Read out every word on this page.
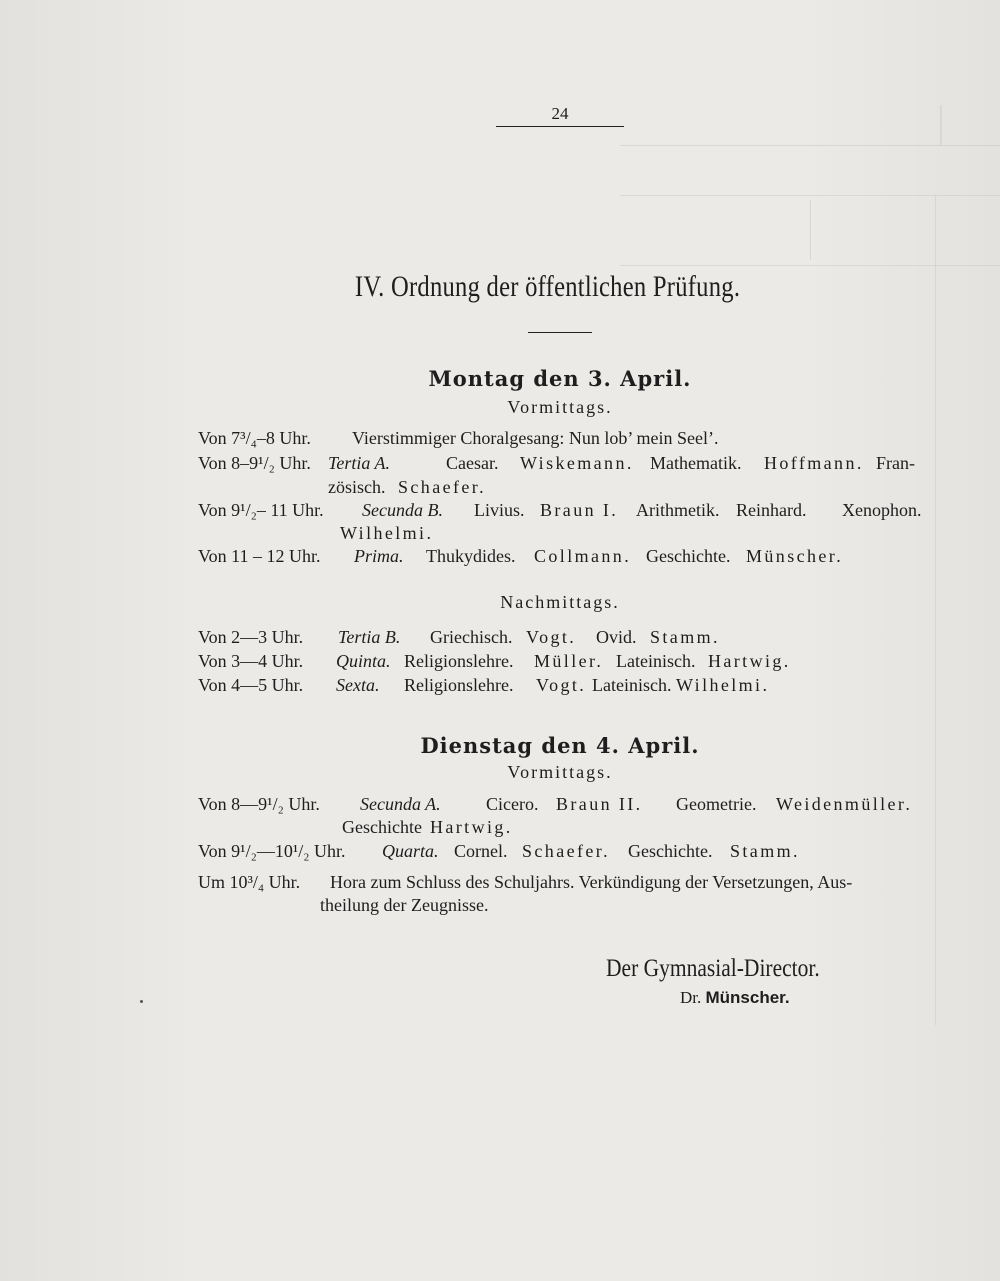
24
IV. Ordnung der öffentlichen Prüfung.
Montag den 3. April.
Vormittags.
Von 7³/₄–8 Uhr. Vierstimmiger Choralgesang: Nun lob’ mein Seel’.
Von 8–9¹/₂ Uhr. Tertia A.	Caesar. Wiskemann. Mathematik. Hoffmann. Fran-
zösisch. Schaefer.
Von 9¹/₂– 11 Uhr. Secunda B. Livius. Braun I. Arithmetik. Reinhard. Xenophon.
Wilhelmi.
Von 11 – 12 Uhr. Prima. Thukydides. Collmann. Geschichte. Münscher.
Nachmittags.
Von 2—3 Uhr. Tertia B. Griechisch. Vogt. Ovid. Stamm.
Von 3—4 Uhr. Quinta. Religionslehre. Müller. Lateinisch. Hartwig.
Von 4—5 Uhr. Sexta. Religionslehre. Vogt. Lateinisch. Wilhelmi.
Dienstag den 4. April.
Vormittags.
Von 8—9¹/₂ Uhr. Secunda A.	Cicero. Braun II. Geometrie. Weidenmüller.
Geschichte Hartwig.
Von 9¹/₂—10¹/₂ Uhr. Quarta. Cornel. Schaefer. Geschichte. Stamm.
Um 10³/₄ Uhr. Hora zum Schluss des Schuljahrs. Verkündigung der Versetzungen, Aus-
theilung der Zeugnisse.
Der Gymnasial-Director.
Dr. Münscher.
